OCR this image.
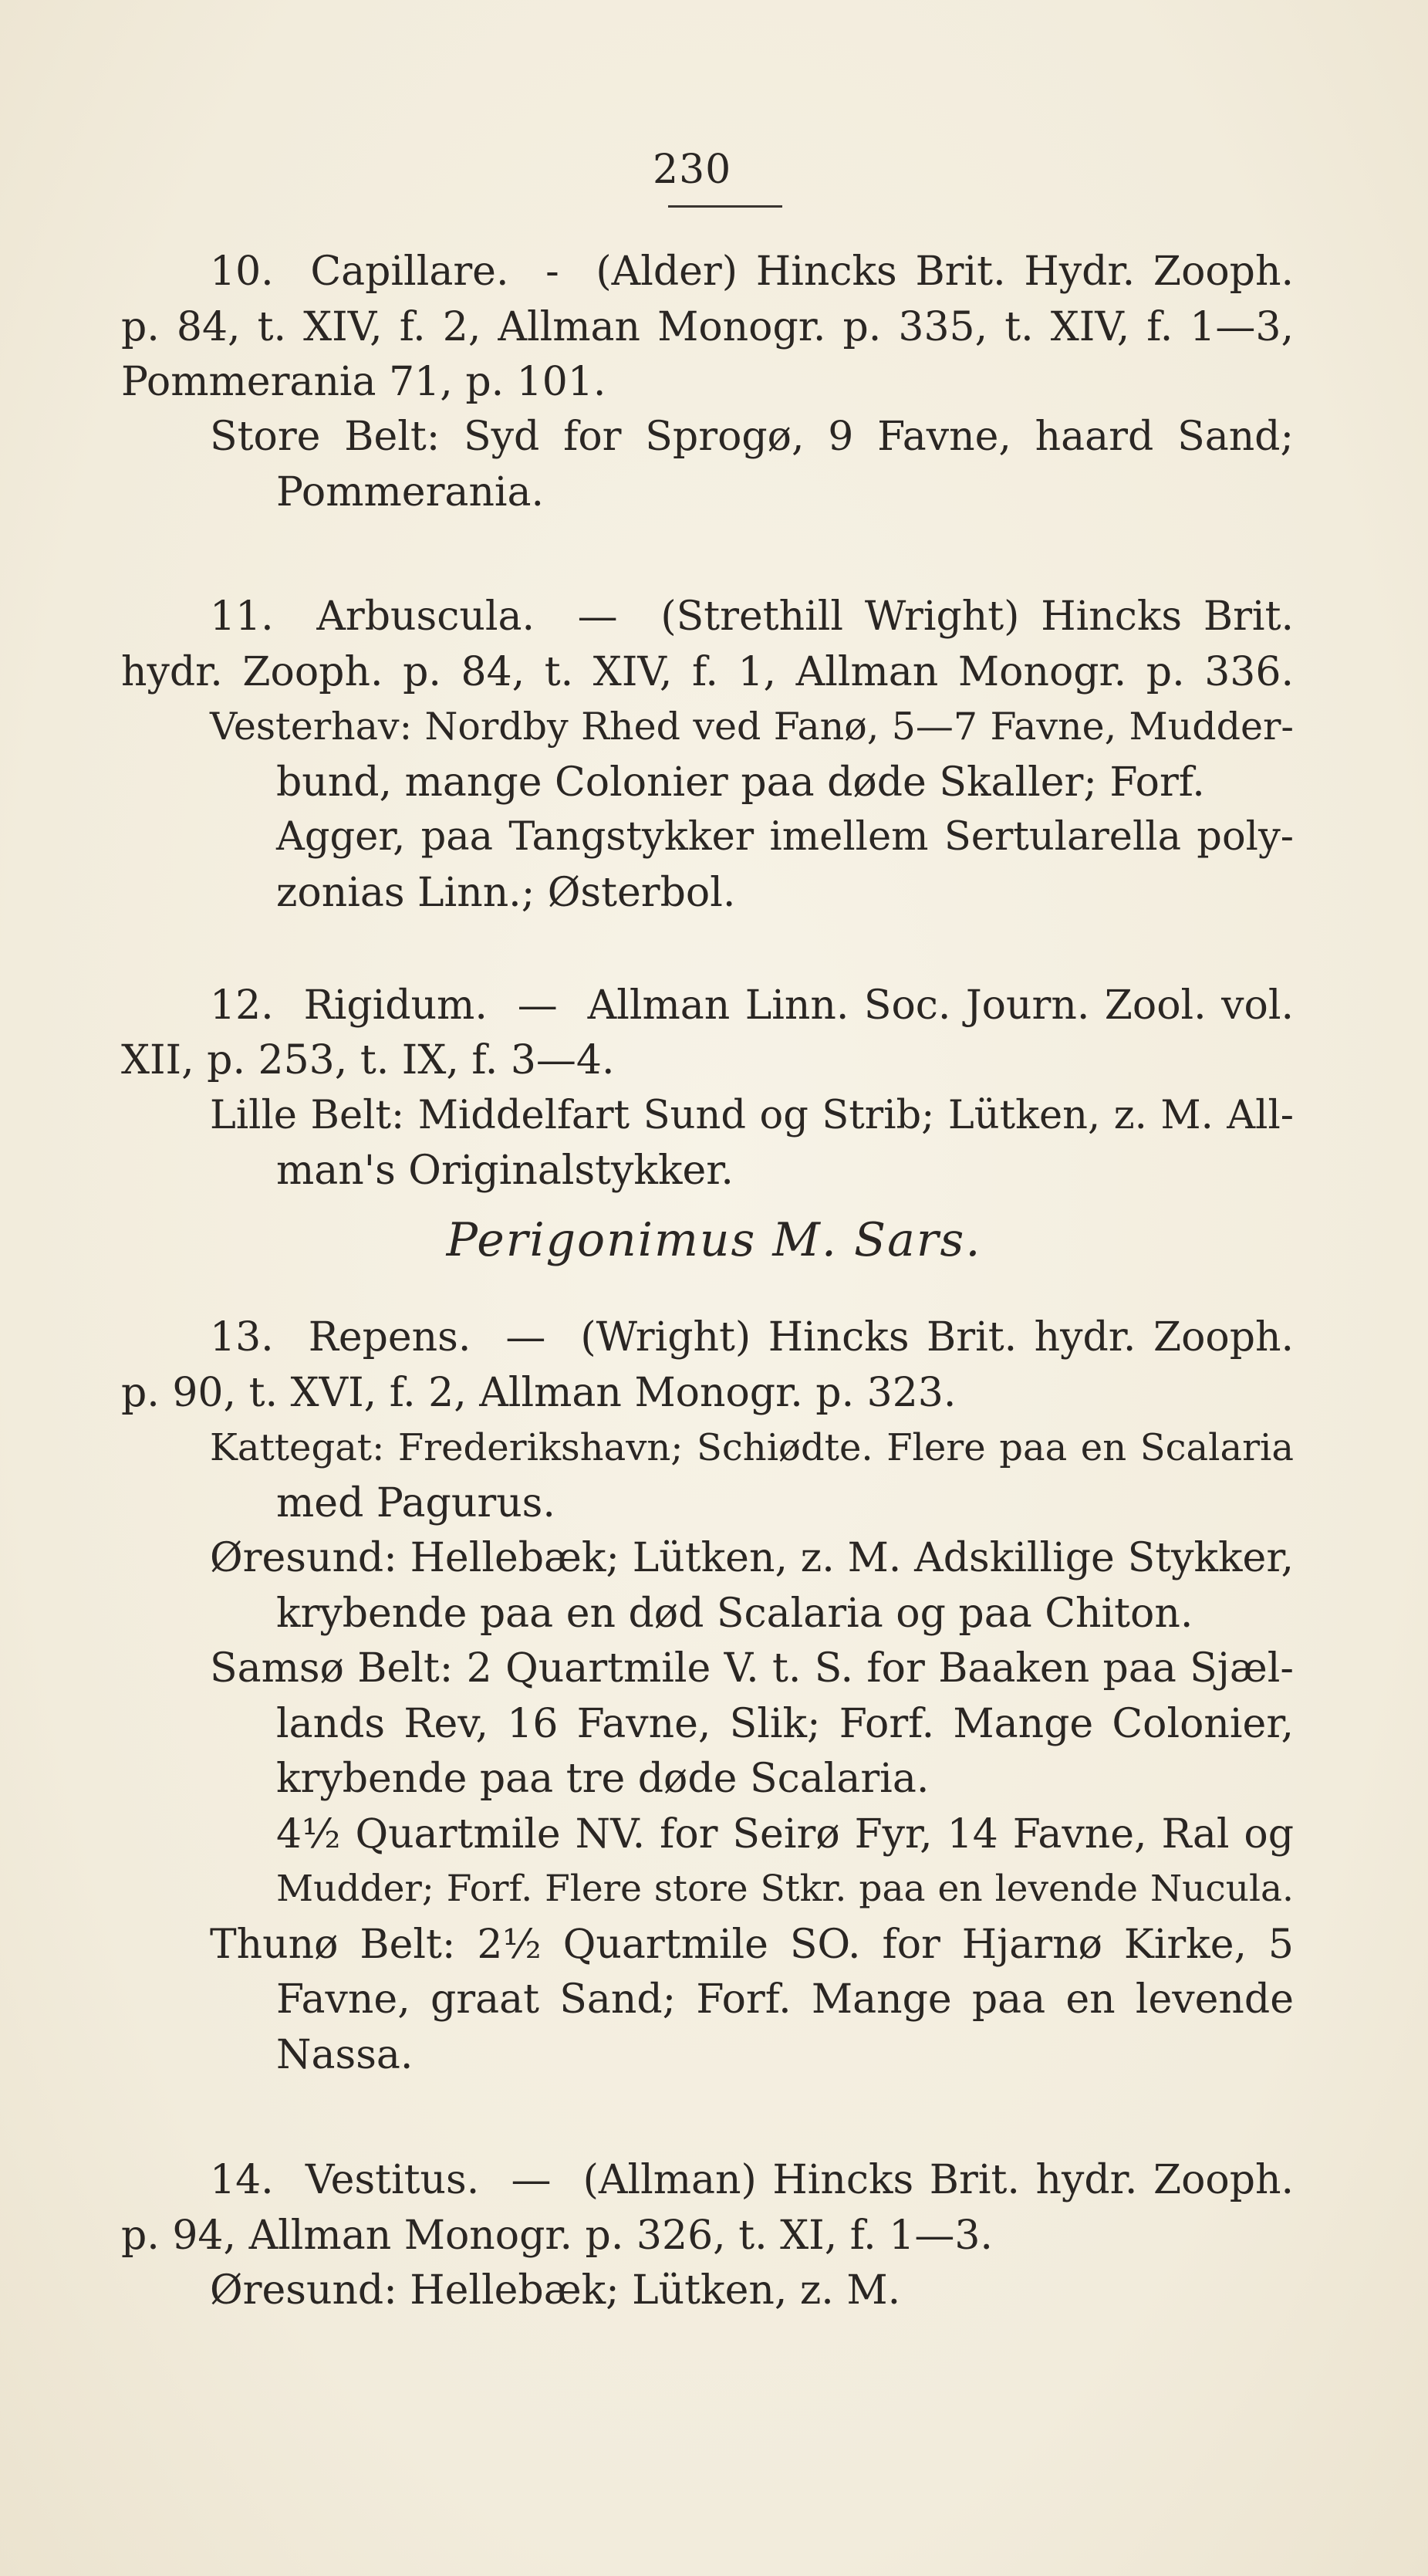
230
10.  Capillare.  -  (Alder) Hincks Brit. Hydr. Zooph.
p. 84, t. XIV, f. 2, Allman Monogr. p. 335, t. XIV, f. 1—3,
Pommerania 71, p. 101.
Store Belt: Syd for Sprogø, 9 Favne, haard Sand;
Pommerania.
11.  Arbuscula.  —  (Strethill Wright) Hincks Brit.
hydr. Zooph. p. 84, t. XIV, f. 1, Allman Monogr. p. 336.
Vesterhav: Nordby Rhed ved Fanø, 5—7 Favne, Mudder-
bund, mange Colonier paa døde Skaller; Forf.
Agger, paa Tangstykker imellem Sertularella poly-
zonias Linn.; Østerbol.
12.  Rigidum.  —  Allman Linn. Soc. Journ. Zool. vol.
XII, p. 253, t. IX, f. 3—4.
Lille Belt: Middelfart Sund og Strib; Lütken, z. M. All-
man's Originalstykker.
Perigonimus M. Sars.
13.  Repens.  —  (Wright) Hincks Brit. hydr. Zooph.
p. 90, t. XVI, f. 2, Allman Monogr. p. 323.
Kattegat: Frederikshavn; Schiødte. Flere paa en Scalaria
med Pagurus.
Øresund: Hellebæk; Lütken, z. M. Adskillige Stykker,
krybende paa en død Scalaria og paa Chiton.
Samsø Belt: 2 Quartmile V. t. S. for Baaken paa Sjæl-
lands Rev, 16 Favne, Slik; Forf. Mange Colonier,
krybende paa tre døde Scalaria.
4½ Quartmile NV. for Seirø Fyr, 14 Favne, Ral og
Mudder; Forf. Flere store Stkr. paa en levende Nucula.
Thunø Belt: 2½ Quartmile SO. for Hjarnø Kirke, 5
Favne, graat Sand; Forf. Mange paa en levende
Nassa.
14.  Vestitus.  —  (Allman) Hincks Brit. hydr. Zooph.
p. 94, Allman Monogr. p. 326, t. XI, f. 1—3.
Øresund: Hellebæk; Lütken, z. M.
